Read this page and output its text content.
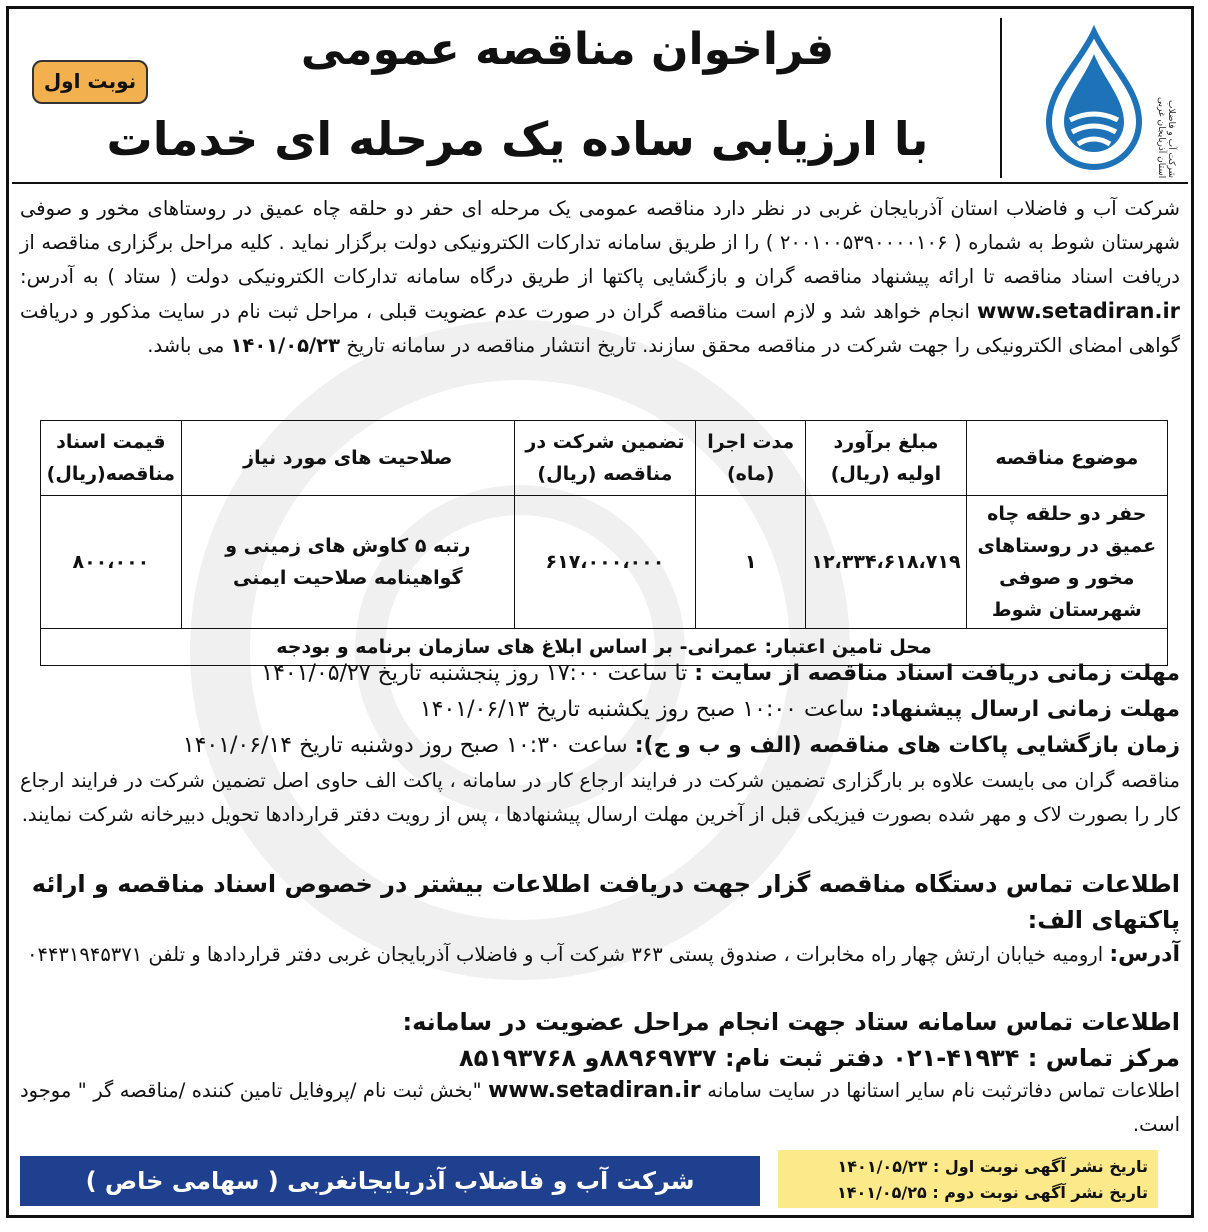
شرکت آب و فاضلاب استان آذربایجان غربی
فراخوان مناقصه عمومی
با ارزیابی ساده یک مرحله ای خدمات
نوبت اول
شرکت آب و فاضلاب استان آذربایجان غربی در نظر دارد مناقصه عمومی یک مرحله ای حفر دو حلقه چاه عمیق در روستاهای مخور و صوفی شهرستان شوط به شماره ( ۲۰۰۱۰۰۵۳۹۰۰۰۰۱۰۶ ) را از طریق سامانه تدارکات الکترونیکی دولت برگزار نماید . کلیه مراحل برگزاری مناقصه از دریافت اسناد مناقصه تا ارائه پیشنهاد مناقصه گران و بازگشایی پاکتها از طریق درگاه سامانه تدارکات الکترونیکی دولت ( ستاد ) به آدرس: www.setadiran.ir انجام خواهد شد و لازم است مناقصه گران در صورت عدم عضویت قبلی ، مراحل ثبت نام در سایت مذکور و دریافت گواهی امضای الکترونیکی را جهت شرکت در مناقصه محقق سازند. تاریخ انتشار مناقصه در سامانه تاریخ ۱۴۰۱/۰۵/۲۳ می باشد.
موضوع مناقصه	مبلغ برآورد اولیه (ریال)	مدت اجرا (ماه)	تضمین شرکت در مناقصه (ریال)	صلاحیت های مورد نیاز	قیمت اسناد مناقصه(ریال)
حفر دو حلقه چاه عمیق در روستاهای مخور و صوفی شهرستان شوط	۱۲،۳۳۴،۶۱۸،۷۱۹	۱	۶۱۷،۰۰۰،۰۰۰	رتبه ۵ کاوش های زمینی و گواهینامه صلاحیت ایمنی	۸۰۰،۰۰۰
محل تامین اعتبار: عمرانی- بر اساس ابلاغ های سازمان برنامه و بودجه					
مهلت زمانی دریافت اسناد مناقصه از سایت : تا ساعت ۱۷:۰۰ روز پنجشنبه تاریخ ۱۴۰۱/۰۵/۲۷
مهلت زمانی ارسال پیشنهاد: ساعت ۱۰:۰۰ صبح روز یکشنبه تاریخ ۱۴۰۱/۰۶/۱۳
زمان بازگشایی پاکات های مناقصه (الف و ب و ج): ساعت ۱۰:۳۰ صبح روز دوشنبه تاریخ ۱۴۰۱/۰۶/۱۴
مناقصه گران می بایست علاوه بر بارگزاری تضمین شرکت در فرایند ارجاع کار در سامانه ، پاکت الف حاوی اصل تضمین شرکت در فرایند ارجاع کار را بصورت لاک و مهر شده بصورت فیزیکی قبل از آخرین مهلت ارسال پیشنهادها ، پس از رویت دفتر قراردادها تحویل دبیرخانه شرکت نمایند.
اطلاعات تماس دستگاه مناقصه گزار جهت دریافت اطلاعات بیشتر در خصوص اسناد مناقصه و ارائه پاکتهای الف:
آدرس: ارومیه خیابان ارتش چهار راه مخابرات ، صندوق پستی ۳۶۳ شرکت آب و فاضلاب آذربایجان غربی دفتر قراردادها و تلفن ۰۴۴۳۱۹۴۵۳۷۱
اطلاعات تماس سامانه ستاد جهت انجام مراحل عضویت در سامانه:
مرکز تماس : ۴۱۹۳۴-۰۲۱ دفتر ثبت نام: ۸۸۹۶۹۷۳۷و ۸۵۱۹۳۷۶۸
اطلاعات تماس دفاترثبت نام سایر استانها در سایت سامانه www.setadiran.ir "بخش ثبت نام /پروفایل تامین کننده /مناقصه گر " موجود است.
شرکت آب و فاضلاب آذربایجانغربی ( سهامی خاص )
تاریخ نشر آگهی نوبت اول : ۱۴۰۱/۰۵/۲۳
تاریخ نشر آگهی نوبت دوم : ۱۴۰۱/۰۵/۲۵
